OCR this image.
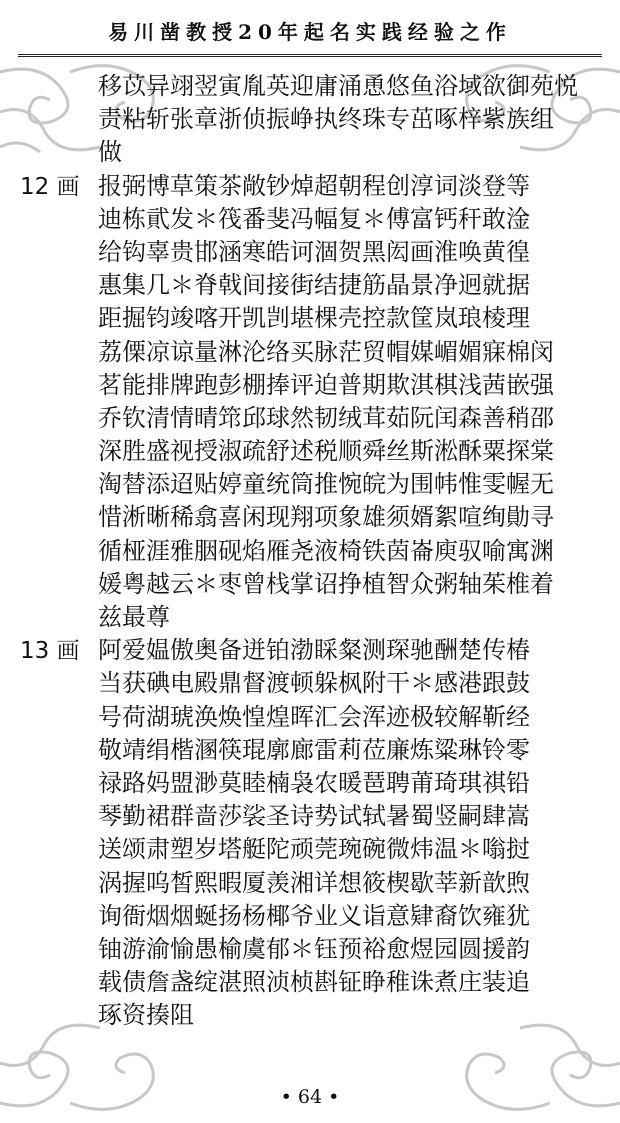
易川凿教授20年起名实践经验之作
移苡异翊翌寅胤英迎庸涌恿悠鱼浴域欲御苑悦
责粘斩张章浙侦振峥执终珠专茁啄梓紫族组
做
12 画 报弼博草策茶敞钞焯超朝程创淳词淡登等
迪栋貮发＊筏番斐冯幅复＊傅富钙秆敢淦
给钩辜贵邯涵寒皓诃涸贺黑闳画淮唤黄徨
惠集几＊脊戟间接街结捷筋晶景净迥就据
距掘钧竣喀开凯剀堪棵壳控款筐岚琅棱理
荔傈凉谅量淋沦络买脉茫贸帽媒嵋媚寐棉闵
茗能排牌跑彭棚捧评迫普期欺淇棋浅茜嵌强
乔钦清情晴筇邱球然韧绒茸茹阮闰森善稍邵
深胜盛视授淑疏舒述税顺舜丝斯淞酥粟探棠
淘替添迢贴婷童统筒推惋皖为围帏惟雯幄无
惜淅晰稀翕喜闲现翔项象雄须婿絮喧绚勛寻
循桠涯雅胭砚焰雁尧液椅铁茵崙庾驭喻寓渊
媛粤越云＊枣曾栈掌诏挣植智众粥轴茱椎着
兹最尊
13 画 阿爱媪傲奥备迸铂渤睬粲测琛驰酬楚传椿
当获碘电殿鼎督渡顿躲枫附干＊感港跟鼓
号荷湖琥涣焕惶煌晖汇会浑迹极较解靳经
敬靖绢楷溷筷琨廓廊雷莉莅廉炼粱琳铃零
禄路妈盟渺莫睦楠袅农暖琶聘莆琦琪祺铅
琴勤裙群啬莎裟圣诗势试轼暑蜀竖嗣肆嵩
送颂肃塑岁塔艇陀顽莞琬碗微炜温＊嗡挝
涡握呜皙熙暇厦羡湘详想筱楔歇莘新歆煦
询衙烟烟蜒扬杨椰爷业义诣意肄裔饮雍犹
铀游渝愉愚榆虞郁＊钰预裕愈煜园圆援韵
载债詹盏绽湛照浈桢斟钲睁稚诛煮庄装追
琢资揍阻
• 64 •
